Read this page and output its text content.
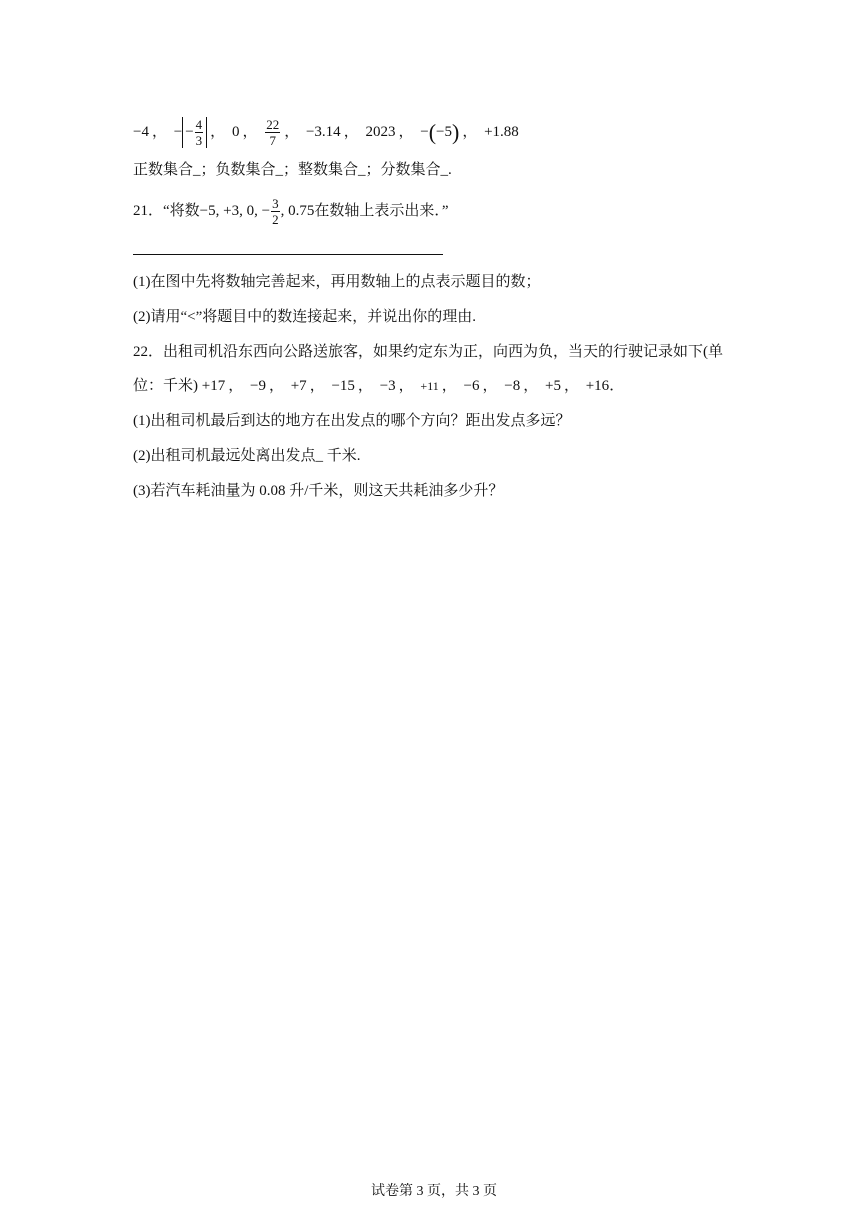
−4 ， − − $\frac{4}{3}$ ， 0 ， $\frac{22}{7}$ ， −3.14 ， 2023 ， −(−5) ， +1.88
正数集合_；负数集合_；整数集合_；分数集合_.
21．“将数−5, +3, 0, − $\frac{3}{2}$ , 0.75在数轴上表示出来．”
(1)在图中先将数轴完善起来，再用数轴上的点表示题目的数；
(2)请用“<”将题目中的数连接起来，并说出你的理由.
22．出租司机沿东西向公路送旅客，如果约定东为正，向西为负，当天的行驶记录如下(单
位：千米) +17 ， −9 ， +7 ， −15 ， −3 ， +11 ， −6 ， −8 ， +5 ， +16．
(1)出租司机最后到达的地方在出发点的哪个方向？距出发点多远？
(2)出租司机最远处离出发点_ 千米.
(3)若汽车耗油量为 0.08 升/千米，则这天共耗油多少升？
试卷第 3 页，共 3 页
